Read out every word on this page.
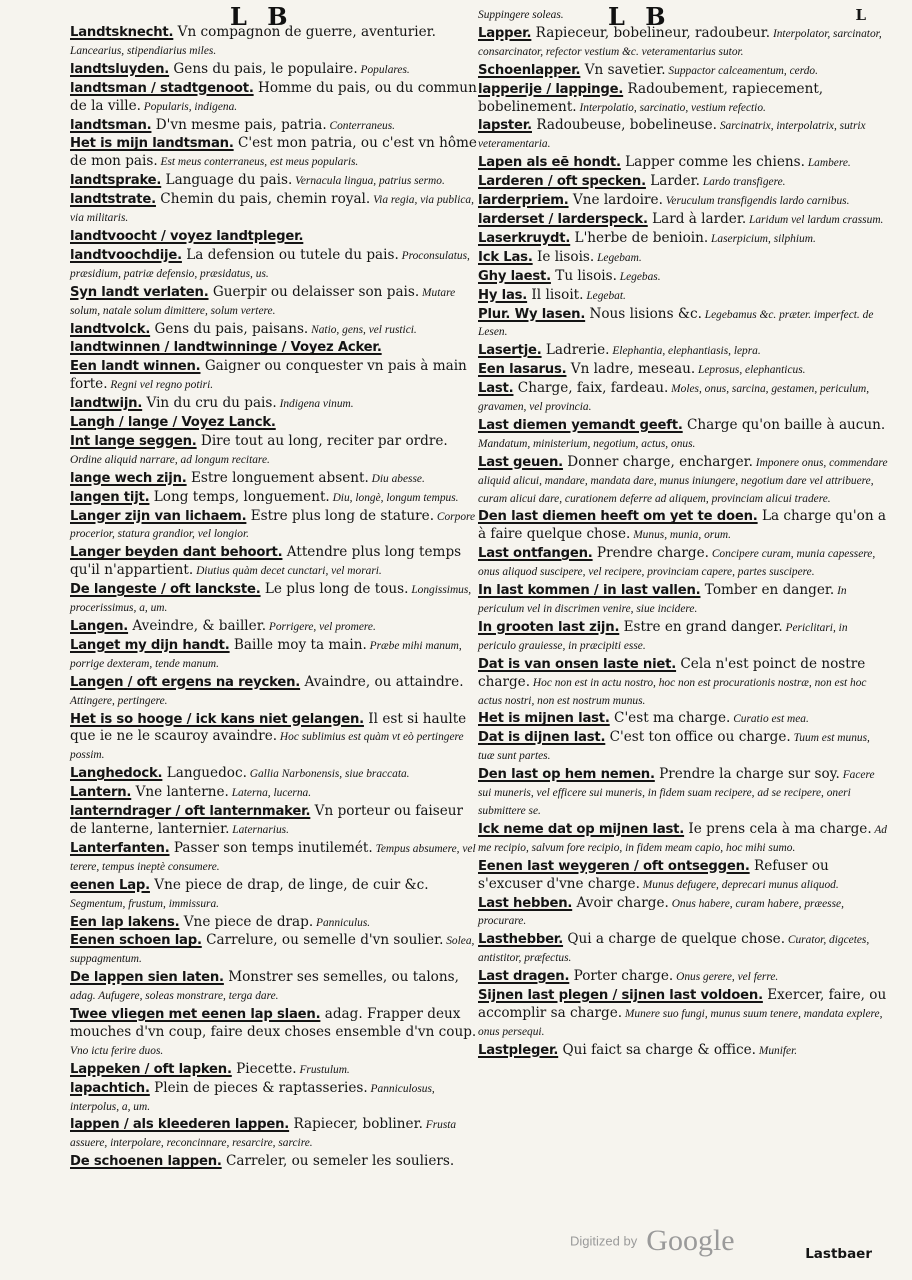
L B	L B	L

Landtsknecht. Vn compagnon de guerre, aventurier. Lancearius, stipendiarius miles.

landtsluyden. Gens du pais, le populaire. Populares.

landtsman / stadtgenoot. Homme du pais, ou du commun de la ville. Popularis, indigena.

landtsman. D'vn mesme pais, patria. Conterraneus.

Het is mijn landtsman. C'est mon patria, ou c'est vn hôme de mon pais. Est meus conterraneus, est meus popularis.

landtsprake. Language du pais. Vernacula lingua, patrius sermo.

landtstrate. Chemin du pais, chemin royal. Via regia, via publica, via militaris.

landtvoocht / voyez landtpleger.

landtvoochdije. La defension ou tutele du pais. Proconsulatus, præsidium, patriæ defensio, præsidatus, us.

Syn landt verlaten. Guerpir ou delaisser son pais. Mutare solum, natale solum dimittere, solum vertere.

landtvolck. Gens du pais, paisans. Natio, gens, vel rustici.

landtwinnen / landtwinninge / Voyez Acker.

Een landt winnen. Gaigner ou conquester vn pais à main forte. Regni vel regno potiri.

landtwijn. Vin du cru du pais. Indigena vinum.

Langh / lange / Voyez Lanck.

Int lange seggen. Dire tout au long, reciter par ordre. Ordine aliquid narrare, ad longum recitare.

lange wech zijn. Estre longuement absent. Diu abesse.

langen tijt. Long temps, longuement. Diu, longè, longum tempus.

Langer zijn van lichaem. Estre plus long de stature. Corpore procerior, statura grandior, vel longior.

Langer beyden dant behoort. Attendre plus long temps qu'il n'appartient. Diutius quàm decet cunctari, vel morari.

De langeste / oft lanckste. Le plus long de tous. Longissimus, procerissimus, a, um.

Langen. Aveindre, & bailler. Porrigere, vel promere.

Langet my dijn handt. Baille moy ta main. Præbe mihi manum, porrige dexteram, tende manum.

Langen / oft ergens na reycken. Avaindre, ou attaindre. Attingere, pertingere.

Het is so hooge / ick kans niet gelangen. Il est si haulte que ie ne le scauroy avaindre. Hoc sublimius est quàm vt eò pertingere possim.

Langhedock. Languedoc. Gallia Narbonensis, siue braccata.

Lantern. Vne lanterne. Laterna, lucerna.

lanterndrager / oft lanternmaker. Vn porteur ou faiseur de lanterne, lanternier. Laternarius.

Lanterfanten. Passer son temps inutilemét. Tempus absumere, vel terere, tempus ineptè consumere.

eenen Lap. Vne piece de drap, de linge, de cuir &c. Segmentum, frustum, immissura.

Een lap lakens. Vne piece de drap. Panniculus.

Eenen schoen lap. Carrelure, ou semelle d'vn soulier. Solea, suppagmentum.

De lappen sien laten. Monstrer ses semelles, ou talons, adag. Aufugere, soleas monstrare, terga dare.

Twee vliegen met eenen lap slaen. adag. Frapper deux mouches d'vn coup, faire deux choses ensemble d'vn coup. Vno ictu ferire duos.

Lappeken / oft lapken. Piecette. Frustulum.

lapachtich. Plein de pieces & raptasseries. Panniculosus, interpolus, a, um.

lappen / als kleederen lappen. Rapiecer, bobliner. Frusta assuere, interpolare, reconcinnare, resarcire, sarcire.

De schoenen lappen. Carreler, ou semeler les souliers.

Suppingere soleas.

Lapper. Rapieceur, bobelineur, radoubeur. Interpolator, sarcinator, consarcinator, refector vestium &c. veteramentarius sutor.

Schoenlapper. Vn savetier. Suppactor calceamentum, cerdo.

lapperije / lappinge. Radoubement, rapiecement, bobelinement. Interpolatio, sarcinatio, vestium refectio.

lapster. Radoubeuse, bobelineuse. Sarcinatrix, interpolatrix, sutrix veteramentaria.

Lapen als eē hondt. Lapper comme les chiens. Lambere.

Larderen / oft specken. Larder. Lardo transfigere.

larderpriem. Vne lardoire. Veruculum transfigendis lardo carnibus.

larderset / larderspeck. Lard à larder. Laridum vel lardum crassum.

Laserkruydt. L'herbe de benioin. Laserpicium, silphium.

Ick Las. Ie lisois. Legebam.

Ghy laest. Tu lisois. Legebas.

Hy las. Il lisoit. Legebat.

Plur. Wy lasen. Nous lisions &c. Legebamus &c. præter. imperfect. de Lesen.

Lasertje. Ladrerie. Elephantia, elephantiasis, lepra.

Een lasarus. Vn ladre, meseau. Leprosus, elephanticus.

Last. Charge, faix, fardeau. Moles, onus, sarcina, gestamen, periculum, gravamen, vel provincia.

Last diemen yemandt geeft. Charge qu'on baille à aucun. Mandatum, ministerium, negotium, actus, onus.

Last geuen. Donner charge, encharger. Imponere onus, commendare aliquid alicui, mandare, mandata dare, munus iniungere, negotium dare vel attribuere, curam alicui dare, curationem deferre ad aliquem, provinciam alicui tradere.

Den last diemen heeft om yet te doen. La charge qu'on a à faire quelque chose. Munus, munia, orum.

Last ontfangen. Prendre charge. Concipere curam, munia capessere, onus aliquod suscipere, vel recipere, provinciam capere, partes suscipere.

In last kommen / in last vallen. Tomber en danger. In periculum vel in discrimen venire, siue incidere.

In grooten last zijn. Estre en grand danger. Periclitari, in periculo grauiesse, in præcipiti esse.

Dat is van onsen laste niet. Cela n'est poinct de nostre charge. Hoc non est in actu nostro, hoc non est procurationis nostræ, non est hoc actus nostri, non est nostrum munus.

Het is mijnen last. C'est ma charge. Curatio est mea.

Dat is dijnen last. C'est ton office ou charge. Tuum est munus, tuæ sunt partes.

Den last op hem nemen. Prendre la charge sur soy. Facere sui muneris, vel efficere sui muneris, in fidem suam recipere, ad se recipere, oneri submittere se.

Ick neme dat op mijnen last. Ie prens cela à ma charge. Ad me recipio, salvum fore recipio, in fidem meam capio, hoc mihi sumo.

Eenen last weygeren / oft ontseggen. Refuser ou s'excuser d'vne charge. Munus defugere, deprecari munus aliquod.

Last hebben. Avoir charge. Onus habere, curam habere, præesse, procurare.

Lasthebber. Qui a charge de quelque chose. Curator, digcetes, antistitor, præfectus.

Last dragen. Porter charge. Onus gerere, vel ferre.

Sijnen last plegen / sijnen last voldoen. Exercer, faire, ou accomplir sa charge. Munere suo fungi, munus suum tenere, mandata explere, onus persequi.

Lastpleger. Qui faict sa charge & office. Munifer.

Lastbaer
Digitized by Google
